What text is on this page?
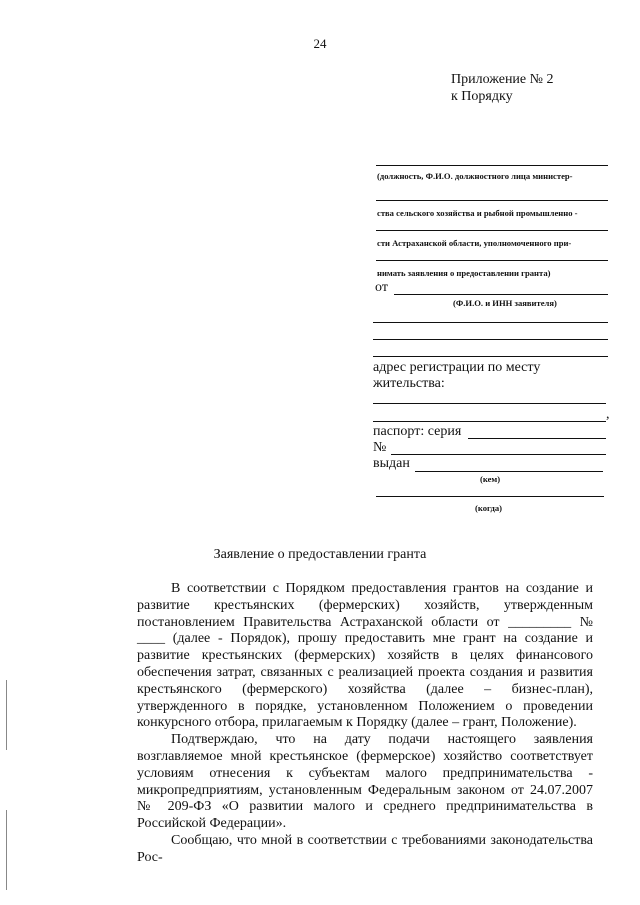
24
Приложение № 2
к Порядку
(должность, Ф.И.О. должностного лица министер-
ства сельского хозяйства и рыбной промышленно -
сти Астраханской области, уполномоченного при-
нимать заявления о предоставлении гранта)
от
(Ф.И.О. и ИНН заявителя)
адрес регистрации по месту
жительства:
,
паспорт: серия
№
выдан
(кем)
(когда)
Заявление о предоставлении гранта

В соответствии с Порядком предоставления грантов на создание и развитие крестьянских (фермерских) хозяйств, утвержденным постановлением Правительства Астраханской области от _________ № ____ (далее - Порядок), прошу предоставить мне грант на создание и развитие крестьянских (фермерских) хозяйств в целях финансового обеспечения затрат, связанных с реализацией проекта создания и развития крестьянского (фермерского) хозяйства (далее – бизнес-план), утвержденного в порядке, установленном Положением о проведении конкурсного отбора, прилагаемым к Порядку (далее – грант, Положение).

Подтверждаю, что на дату подачи настоящего заявления возглавляемое мной крестьянское (фермерское) хозяйство соответствует условиям отнесения к субъектам малого предпринимательства - микропредприятиям, установленным Федеральным законом от 24.07.2007 № 209-ФЗ «О развитии малого и среднего предпринимательства в Российской Федерации».

Сообщаю, что мной в соответствии с требованиями законодательства Рос-
